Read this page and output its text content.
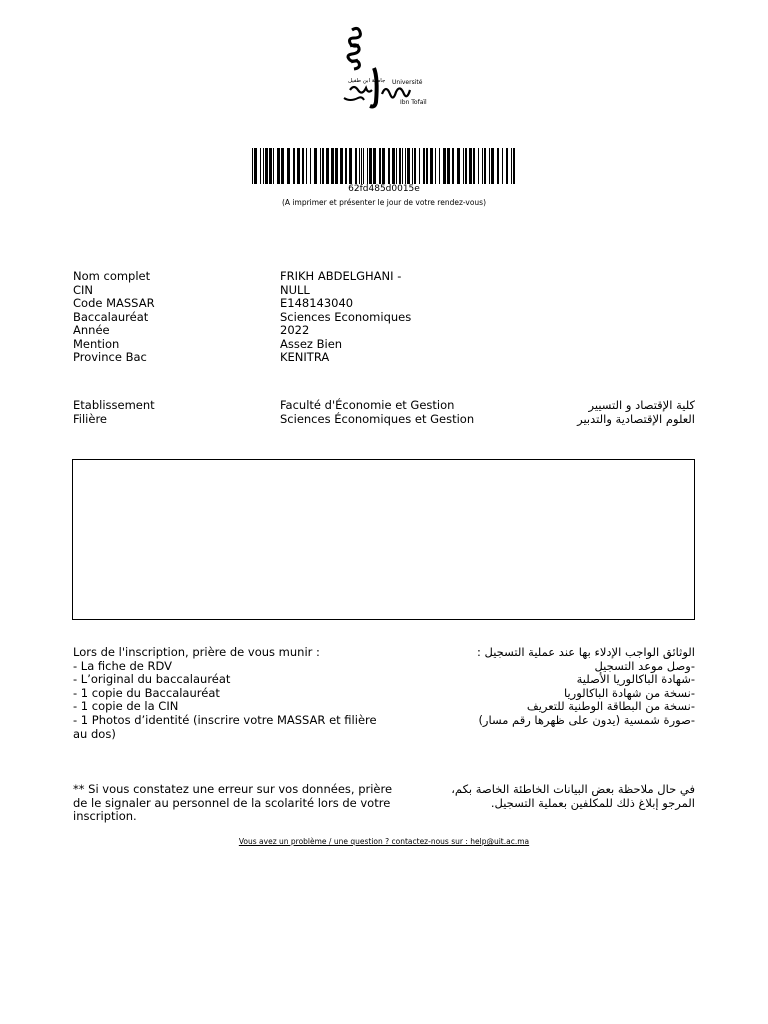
Université
Ibn Tofaïl
جامعة ابن طفيل
62fd485d0015e
(A imprimer et présenter le jour de votre rendez-vous)
Nom complet	FRIKH ABDELGHANI -
CIN	NULL
Code MASSAR	E148143040
Baccalauréat	Sciences Economiques
Année	2022
Mention	Assez Bien
Province Bac	KENITRA
Etablissement	Faculté d'Économie et Gestion	كلية الإقتصاد و التسيير
Filière	Sciences Économiques et Gestion	العلوم الإقتصادية والتدبير
Lors de l'inscription, prière de vous munir :
- La fiche de RDV
- L’original du baccalauréat
- 1 copie du Baccalauréat
- 1 copie de la CIN
- 1 Photos d’identité (inscrire votre MASSAR et filière au dos)
الوثائق الواجب الإدلاء بها عند عملية التسجيل :
-وصل موعد التسجيل
-شهادة الباكالوريا الأصلية
-نسخة من شهادة الباكالوريا
-نسخة من البطاقة الوطنية للتعريف
-صورة شمسية (يدون على ظهرها رقم مسار)
** Si vous constatez une erreur sur vos données, prière de le signaler au personnel de la scolarité lors de votre inscription.
في حال ملاحظة بعض البيانات الخاطئة الخاصة بكم، المرجو إبلاغ ذلك للمكلفين بعملية التسجيل.
Vous avez un problème / une question ? contactez-nous sur : help@uit.ac.ma
